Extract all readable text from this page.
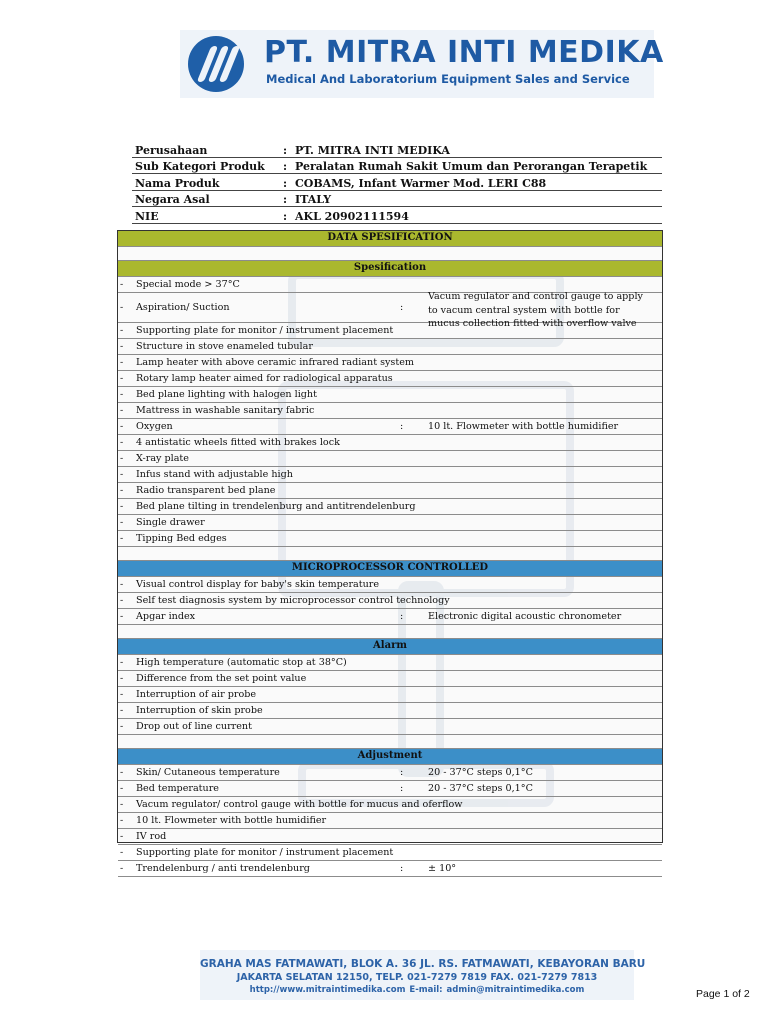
PT. MITRA INTI MEDIKA
Medical And Laboratorium Equipment Sales and Service
Perusahaan	: PT. MITRA INTI MEDIKA
Sub Kategori Produk	: Peralatan Rumah Sakit Umum dan Perorangan Terapetik
Nama Produk	: COBAMS, Infant Warmer Mod. LERI C88
Negara Asal	: ITALY
NIE	: AKL 20902111594
DATA SPESIFICATION
Spesification
- Special mode > 37°C
- Aspiration/ Suction	:
Vacum regulator and control gauge to apply to vacum central system with bottle for mucus collection fitted with overflow valve
- Supporting plate for monitor / instrument placement
- Structure in stove enameled tubular
- Lamp heater with above ceramic infrared radiant system
- Rotary lamp heater aimed for radiological apparatus
- Bed plane lighting with halogen light
- Mattress in washable sanitary fabric
- Oxygen	:	10 lt. Flowmeter with bottle humidifier
- 4 antistatic wheels fitted with brakes lock
- X-ray plate
- Infus stand with adjustable high
- Radio transparent bed plane
- Bed plane tilting in trendelenburg and antitrendelenburg
- Single drawer
- Tipping Bed edges
MICROPROCESSOR CONTROLLED
- Visual control display for baby's skin temperature
- Self test diagnosis system by microprocessor control technology
- Apgar index	:	Electronic digital acoustic chronometer
Alarm
- High temperature (automatic stop at 38°C)
- Difference from the set point value
- Interruption of air probe
- Interruption of skin probe
- Drop out of line current
Adjustment
- Skin/ Cutaneous temperature	:	20 - 37°C steps 0,1°C
- Bed temperature	:	20 - 37°C steps 0,1°C
- Vacum regulator/ control gauge with bottle for mucus and oferflow
- 10 lt. Flowmeter with bottle humidifier
- IV rod
- Supporting plate for monitor / instrument placement
- Trendelenburg / anti trendelenburg	:	± 10°
GRAHA MAS FATMAWATI, BLOK A. 36 JL. RS. FATMAWATI, KEBAYORAN BARU
JAKARTA SELATAN 12150, TELP. 021-7279 7819 FAX. 021-7279 7813
http://www.mitraintimedika.com E-mail: admin@mitraintimedika.com	Page 1 of 2
